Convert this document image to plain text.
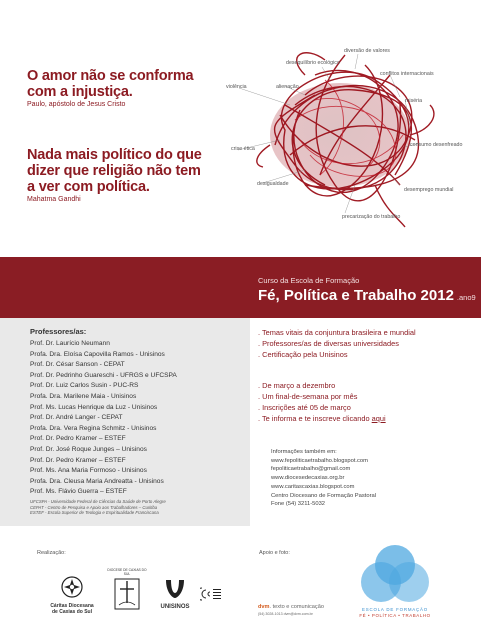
O amor não se conforma
com a injustiça.
Paulo, apóstolo de Jesus Cristo
Nada mais político do que
dizer que religião não tem
a ver com política.
Mahatma Gandhi
diversão de valores
desequilíbrio ecológico
conflitos internacionais
violência	alienação
miséria
consumo desenfreado
crise ética
desemprego mundial
desigualdade
precarização do trabalho
Curso da Escola de Formação
Fé, Política e Trabalho 2012 .ano9
Professores/as:
Prof. Dr. Laurício Neumann
Profa. Dra. Eloísa Capovilla Ramos - Unisinos
Prof. Dr. César Sanson - CEPAT
Prof. Dr. Pedrinho Guareschi - UFRGS e UFCSPA
Prof. Dr. Luiz Carlos Susin - PUC-RS
Profa. Dra. Marilene Maia - Unisinos
Prof. Ms. Lucas Henrique da Luz - Unisinos
Prof. Dr. André Langer - CEPAT
Profa. Dra. Vera Regina Schmitz - Unisinos
Prof. Dr. Pedro Kramer – ESTEF
Prof. Dr. José Roque Junges – Unisinos
Prof. Dr. Pedro Kramer – ESTEF
Prof. Ms. Ana Maria Formoso - Unisinos
Profa. Dra. Cleusa Maria Andreatta - Unisinos
Prof. Ms. Flávio Guerra – ESTEF
UFCSPA - Universidade Federal de Ciências da Saúde de Porto Alegre
CEPAT - Centro de Pesquisa e Apoio aos Trabalhadores – Curitiba
ESTEF - Escola Superior de Teologia e Espiritualidade Franciscana
. Temas vitais da conjuntura brasileira e mundial
. Professores/as de diversas universidades
. Certificação pela Unisinos
. De março a dezembro
. Um final-de-semana por mês
. Inscrições até 05 de março
. Te informa e te inscreve clicando aqui
Informações também em:
www.fepoliticaetrabalho.blogspot.com
fepoliticaetrabalho@gmail.com
www.diocesedecaxias.org.br
www.caritascaxias.blogspot.com
Centro Diocesano de Formação Pastoral
Fone (54) 3211-5032
Realização:	Apoio e foto:
Cáritas Diocesana
de Caxias do Sul
DIOCESE DE CAXIAS DO SUL
UNISINOS	dvm. texto e comunicação
(54) 3028-1013 dvm@dvm.com.br
ESCOLA DE FORMAÇÃO
FÉ • POLÍTICA • TRABALHO
